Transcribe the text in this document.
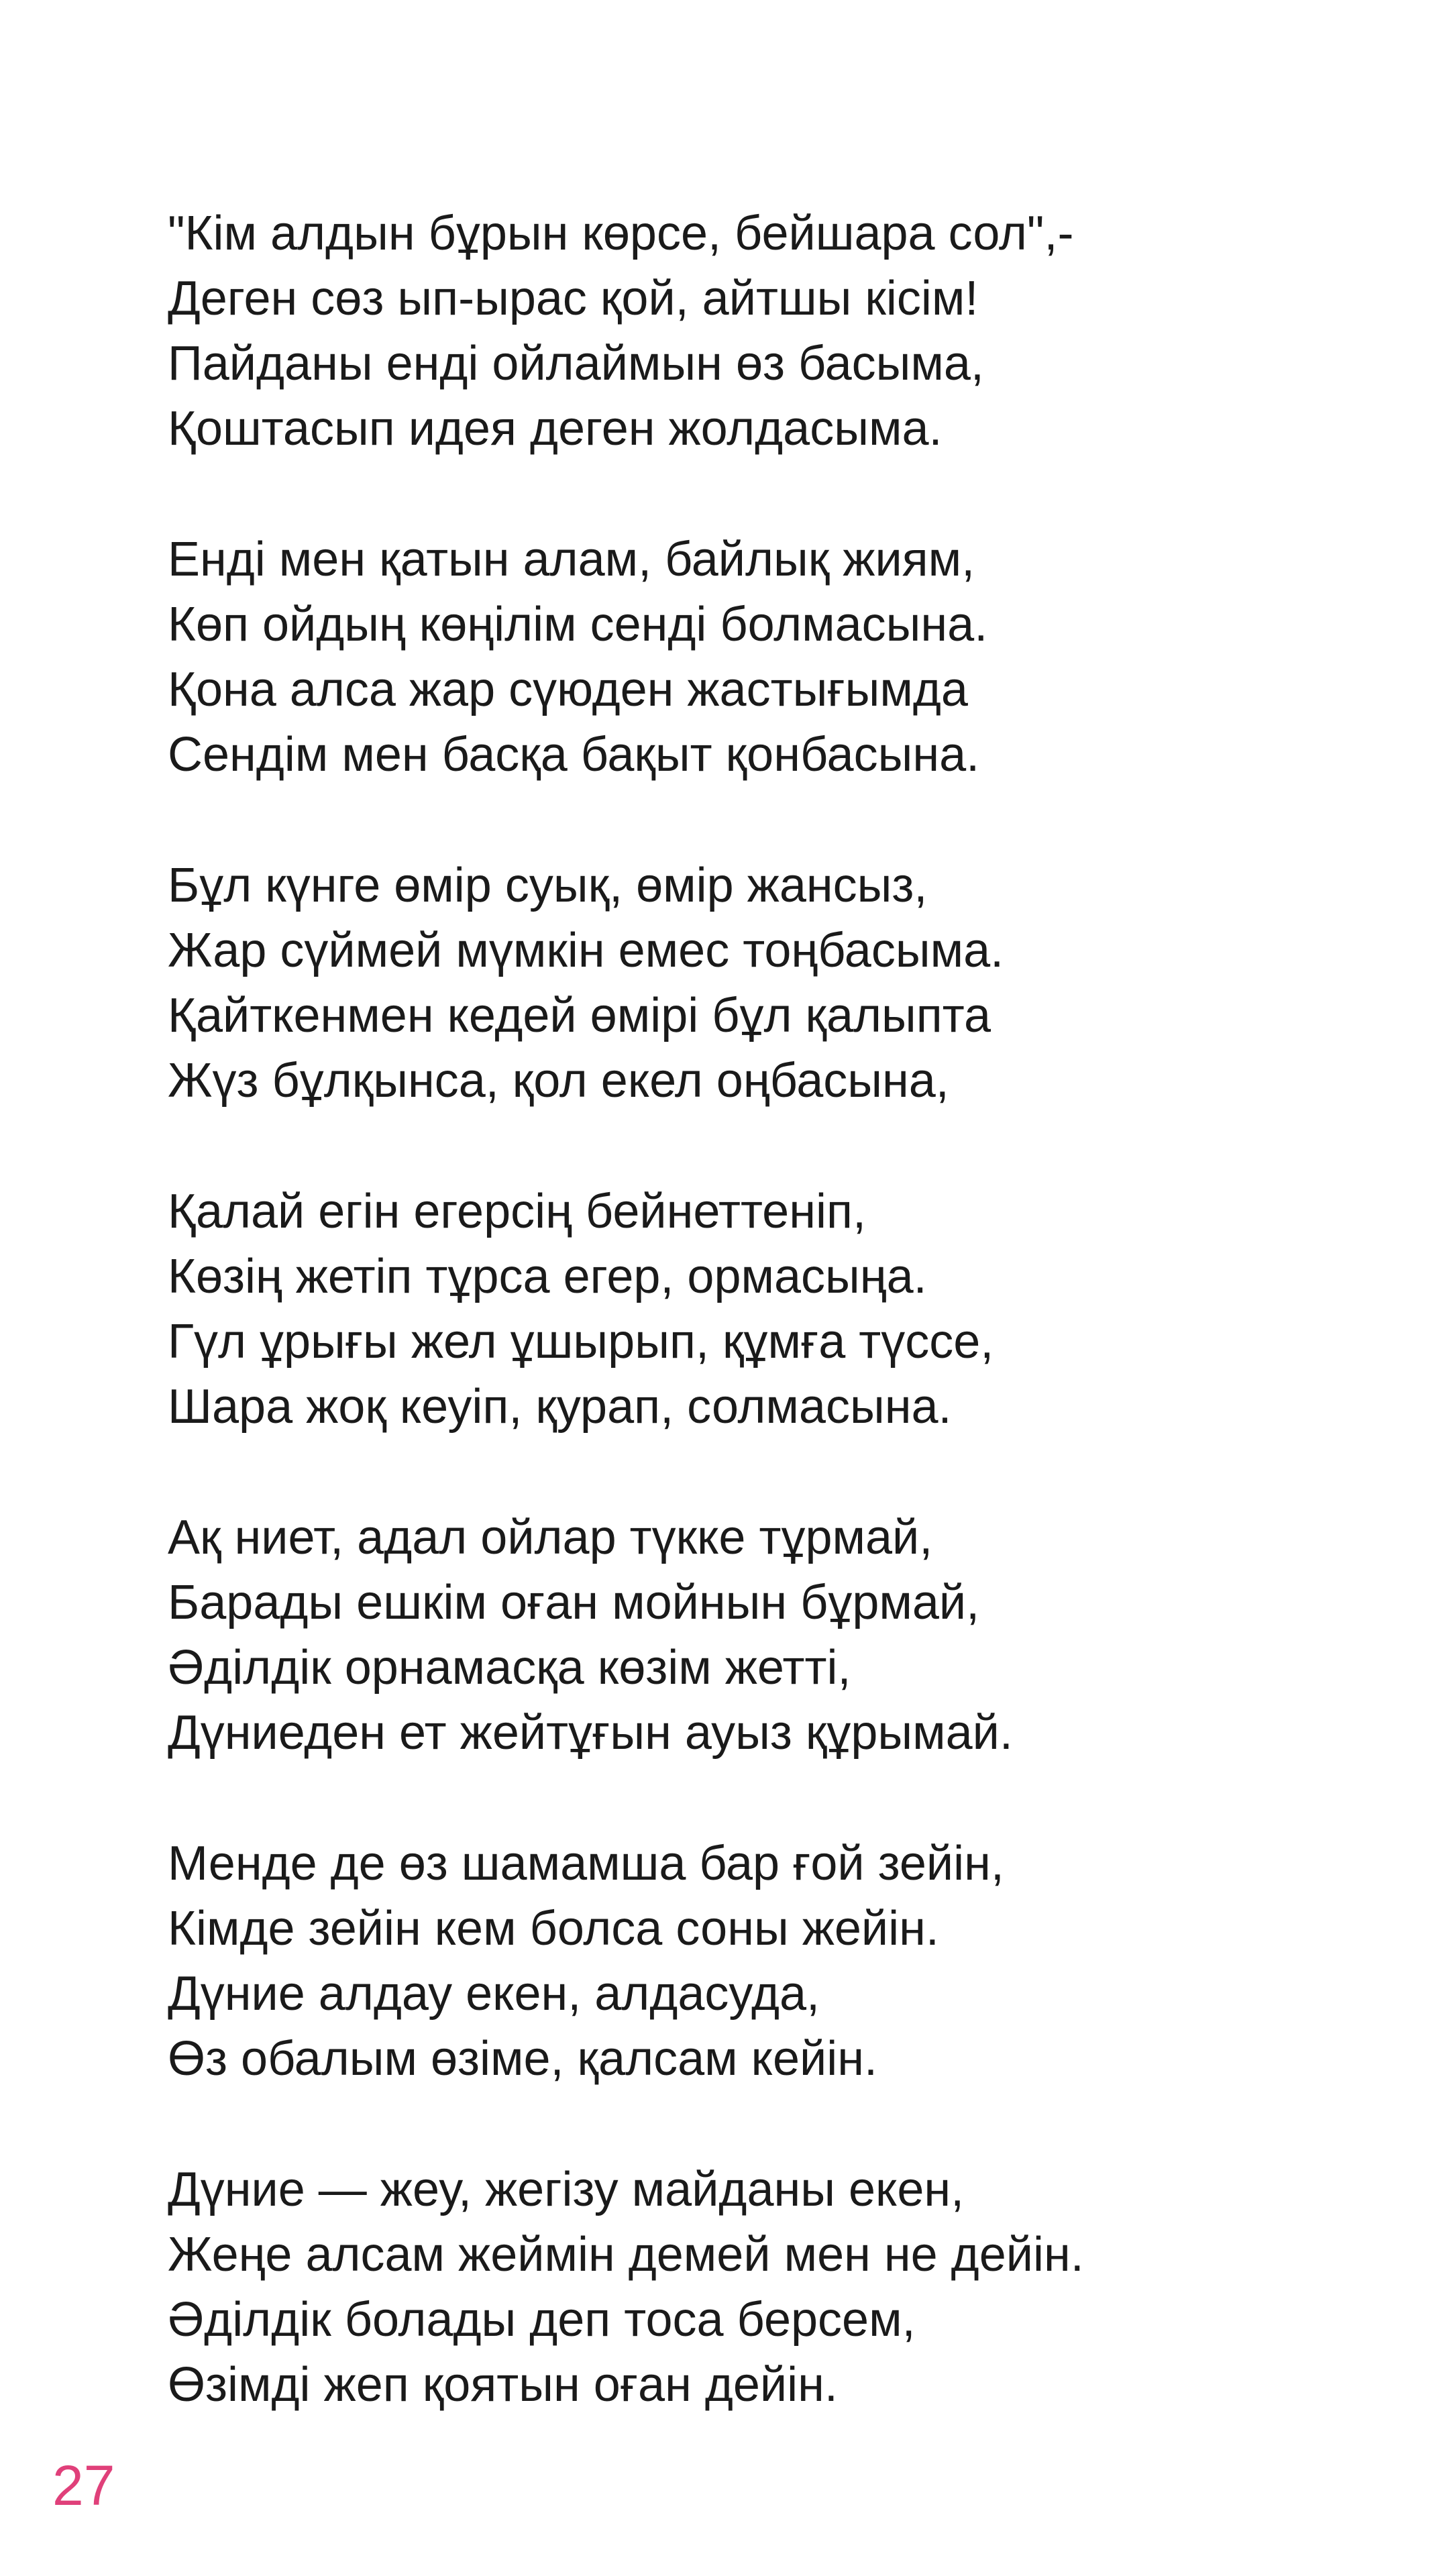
"Кім алдын бұрын көрсе, бейшара сол",-
Деген сөз ып-ырас қой, айтшы кісім!
Пайданы енді ойлаймын өз басыма,
Қоштасып идея деген жолдасыма.
Енді мен қатын алам, байлық жиям,
Көп ойдың көңілім сенді болмасына.
Қона алса жар сүюден жастығымда
Сендім мен басқа бақыт қонбасына.
Бұл күнге өмір суық, өмір жансыз,
Жар сүймей мүмкін емес тоңбасыма.
Қайткенмен кедей өмірі бұл қалыпта
Жүз бұлқынса, қол екел оңбасына,
Қалай егін егерсің бейнеттеніп,
Көзің жетіп тұрса егер, ормасыңа.
Гүл ұрығы жел ұшырып, құмға түссе,
Шара жоқ кеуіп, қурап, солмасына.
Ақ ниет, адал ойлар түкке тұрмай,
Бaрады ешкім оған мойнын бұрмай,
Әділдік орнамасқа көзім жетті,
Дүниеден ет жейтұғын ауыз құрымай.
Менде де өз шамамша бар ғой зейін,
Кімде зейін кем болса соны жейін.
Дүние алдау екен, алдасуда,
Өз обалым өзіме, қалсам кейін.
Дүние — жеу, жегізу майданы екен,
Жеңе алсам жеймін демей мен не дейін.
Әділдік болады деп тоса берсем,
Өзімді жеп қоятын оған дейін.
27
